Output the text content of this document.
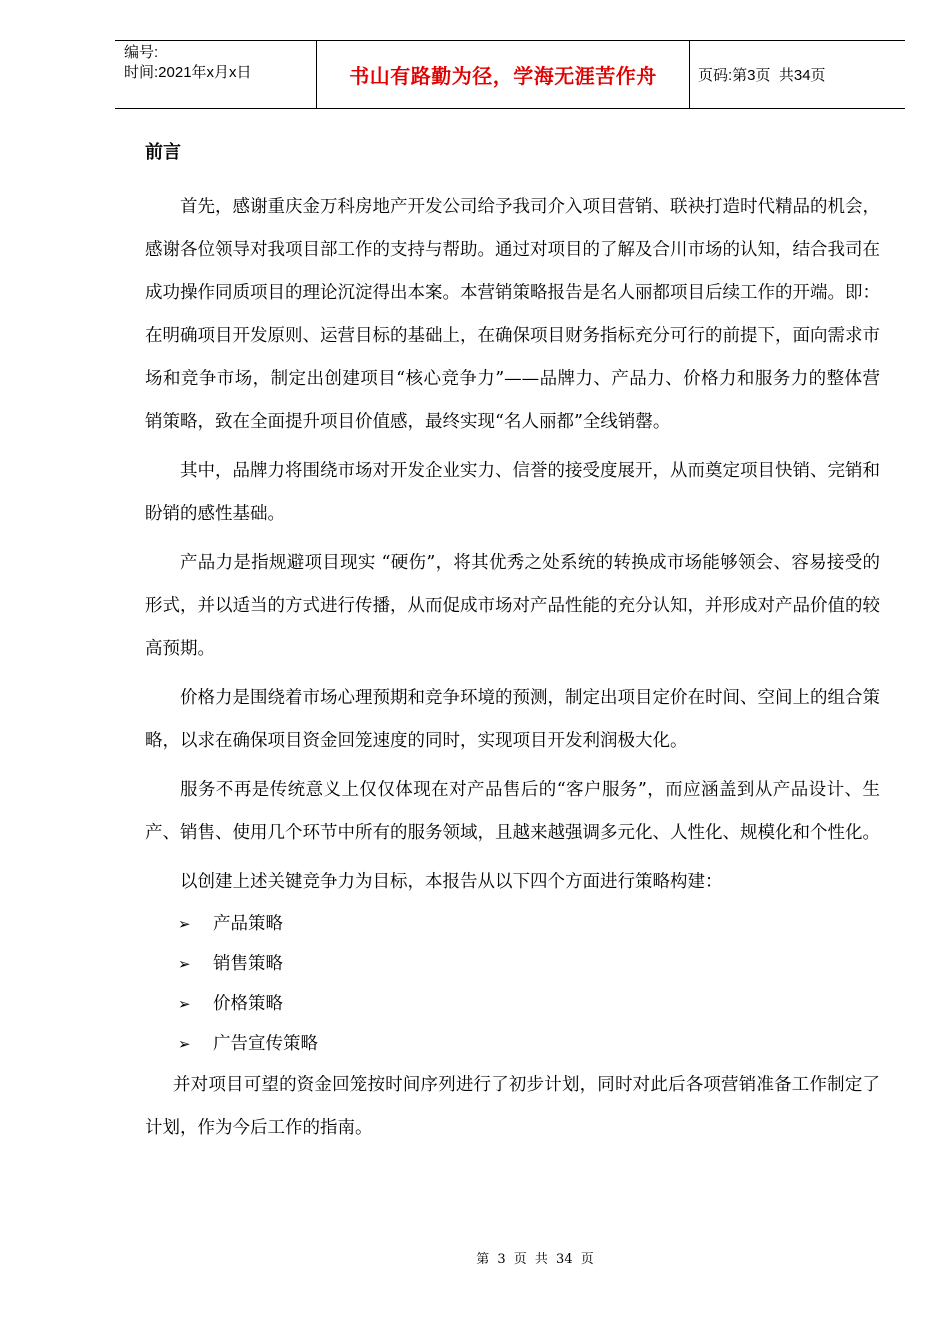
编号:
时间:2021年x月x日	书山有路勤为径，学海无涯苦作舟	页码:第3页  共34页
前言

首先，感谢重庆金万科房地产开发公司给予我司介入项目营销、联袂打造时代精品的机会，感谢各位领导对我项目部工作的支持与帮助。通过对项目的了解及合川市场的认知，结合我司在成功操作同质项目的理论沉淀得出本案。本营销策略报告是名人丽都项目后续工作的开端。即：在明确项目开发原则、运营目标的基础上，在确保项目财务指标充分可行的前提下，面向需求市场和竞争市场，制定出创建项目“核心竞争力”——品牌力、产品力、价格力和服务力的整体营销策略，致在全面提升项目价值感，最终实现“名人丽都”全线销罄。

其中，品牌力将围绕市场对开发企业实力、信誉的接受度展开，从而奠定项目快销、完销和盼销的感性基础。

产品力是指规避项目现实 “硬伤”，将其优秀之处系统的转换成市场能够领会、容易接受的形式，并以适当的方式进行传播，从而促成市场对产品性能的充分认知，并形成对产品价值的较高预期。

价格力是围绕着市场心理预期和竞争环境的预测，制定出项目定价在时间、空间上的组合策略，以求在确保项目资金回笼速度的同时，实现项目开发利润极大化。

服务不再是传统意义上仅仅体现在对产品售后的“客户服务”，而应涵盖到从产品设计、生产、销售、使用几个环节中所有的服务领域，且越来越强调多元化、人性化、规模化和个性化。

以创建上述关键竞争力为目标，本报告从以下四个方面进行策略构建：

➢ 产品策略
➢ 销售策略
➢ 价格策略
➢ 广告宣传策略

并对项目可望的资金回笼按时间序列进行了初步计划，同时对此后各项营销准备工作制定了计划，作为今后工作的指南。

第 3 页 共 34 页
